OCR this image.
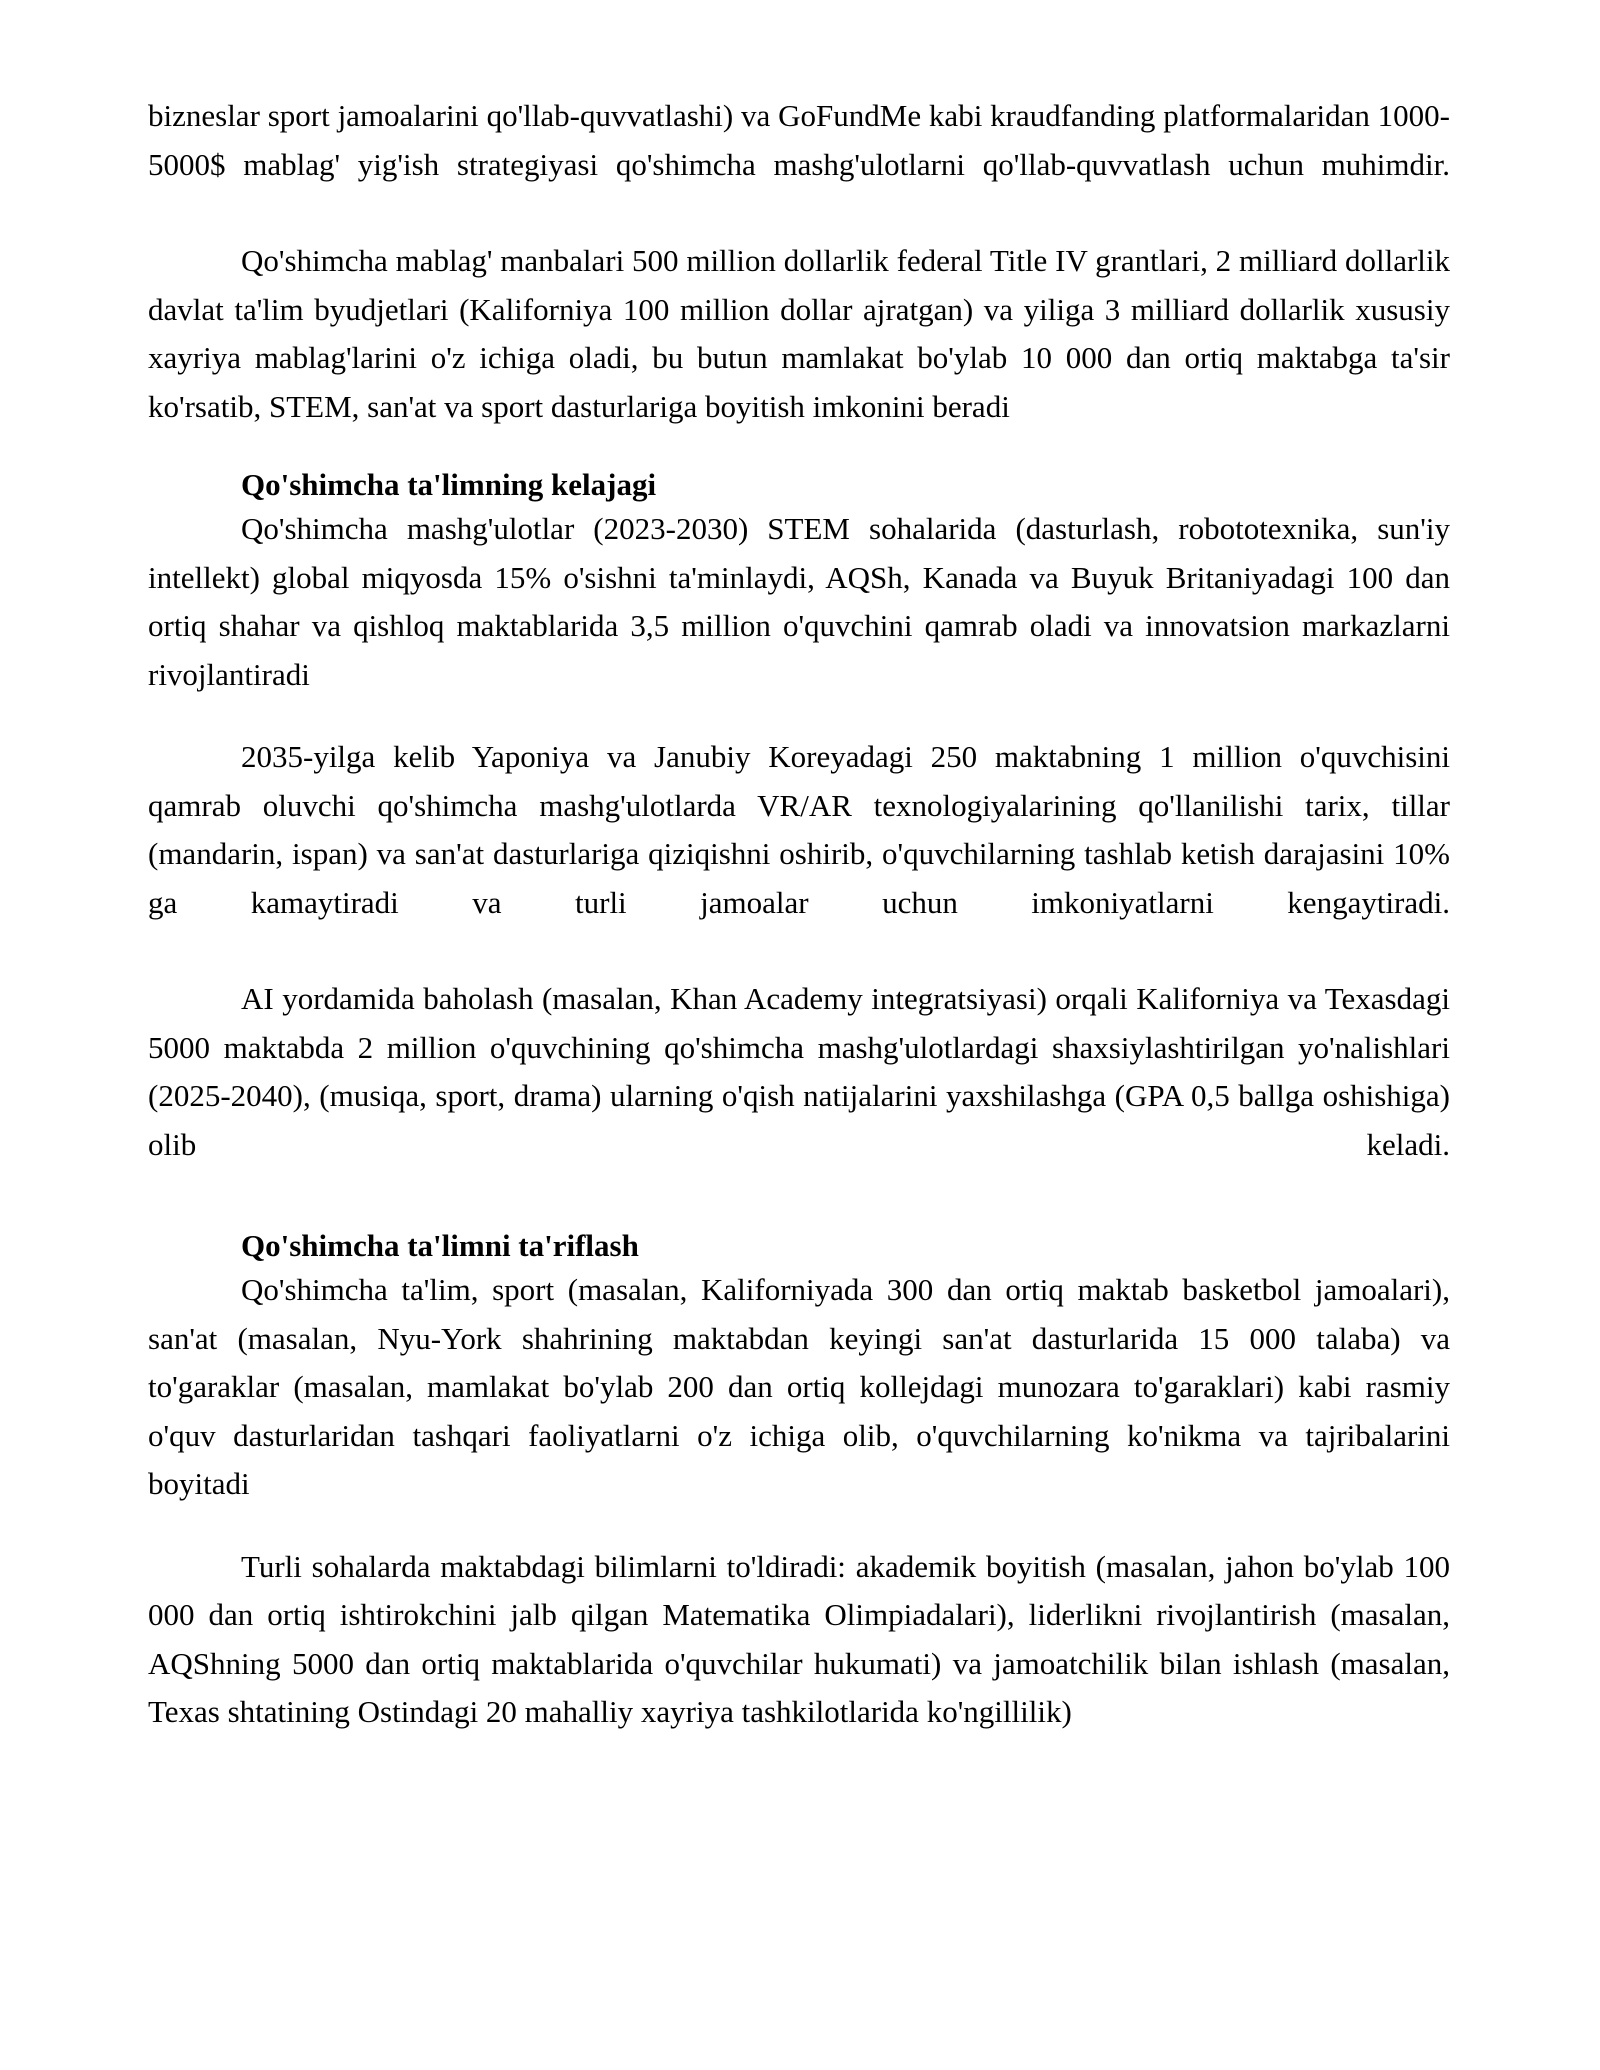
bizneslar sport jamoalarini qo'llab-quvvatlashi) va GoFundMe kabi kraudfanding platformalaridan 1000-5000$ mablag' yig'ish strategiyasi qo'shimcha mashg'ulotlarni qo'llab-quvvatlash uchun muhimdir.

Qo'shimcha mablag' manbalari 500 million dollarlik federal Title IV grantlari, 2 milliard dollarlik davlat ta'lim byudjetlari (Kaliforniya 100 million dollar ajratgan) va yiliga 3 milliard dollarlik xususiy xayriya mablag'larini o'z ichiga oladi, bu butun mamlakat bo'ylab 10 000 dan ortiq maktabga ta'sir ko'rsatib, STEM, san'at va sport dasturlariga boyitish imkonini beradi

Qo'shimcha ta'limning kelajagi

Qo'shimcha mashg'ulotlar (2023-2030) STEM sohalarida (dasturlash, robototexnika, sun'iy intellekt) global miqyosda 15% o'sishni ta'minlaydi, AQSh, Kanada va Buyuk Britaniyadagi 100 dan ortiq shahar va qishloq maktablarida 3,5 million o'quvchini qamrab oladi va innovatsion markazlarni rivojlantiradi

2035-yilga kelib Yaponiya va Janubiy Koreyadagi 250 maktabning 1 million o'quvchisini qamrab oluvchi qo'shimcha mashg'ulotlarda VR/AR texnologiyalarining qo'llanilishi tarix, tillar (mandarin, ispan) va san'at dasturlariga qiziqishni oshirib, o'quvchilarning tashlab ketish darajasini 10% ga kamaytiradi va turli jamoalar uchun imkoniyatlarni kengaytiradi.

AI yordamida baholash (masalan, Khan Academy integratsiyasi) orqali Kaliforniya va Texasdagi 5000 maktabda 2 million o'quvchining qo'shimcha mashg'ulotlardagi shaxsiylashtirilgan yo'nalishlari (2025-2040), (musiqa, sport, drama) ularning o'qish natijalarini yaxshilashga (GPA 0,5 ballga oshishiga) olib keladi.

Qo'shimcha ta'limni ta'riflash

Qo'shimcha ta'lim, sport (masalan, Kaliforniyada 300 dan ortiq maktab basketbol jamoalari), san'at (masalan, Nyu-York shahrining maktabdan keyingi san'at dasturlarida 15 000 talaba) va to'garaklar (masalan, mamlakat bo'ylab 200 dan ortiq kollejdagi munozara to'garaklari) kabi rasmiy o'quv dasturlaridan tashqari faoliyatlarni o'z ichiga olib, o'quvchilarning ko'nikma va tajribalarini boyitadi

Turli sohalarda maktabdagi bilimlarni to'ldiradi: akademik boyitish (masalan, jahon bo'ylab 100 000 dan ortiq ishtirokchini jalb qilgan Matematika Olimpiadalari), liderlikni rivojlantirish (masalan, AQShning 5000 dan ortiq maktablarida o'quvchilar hukumati) va jamoatchilik bilan ishlash (masalan, Texas shtatining Ostindagi 20 mahalliy xayriya tashkilotlarida ko'ngillilik)
